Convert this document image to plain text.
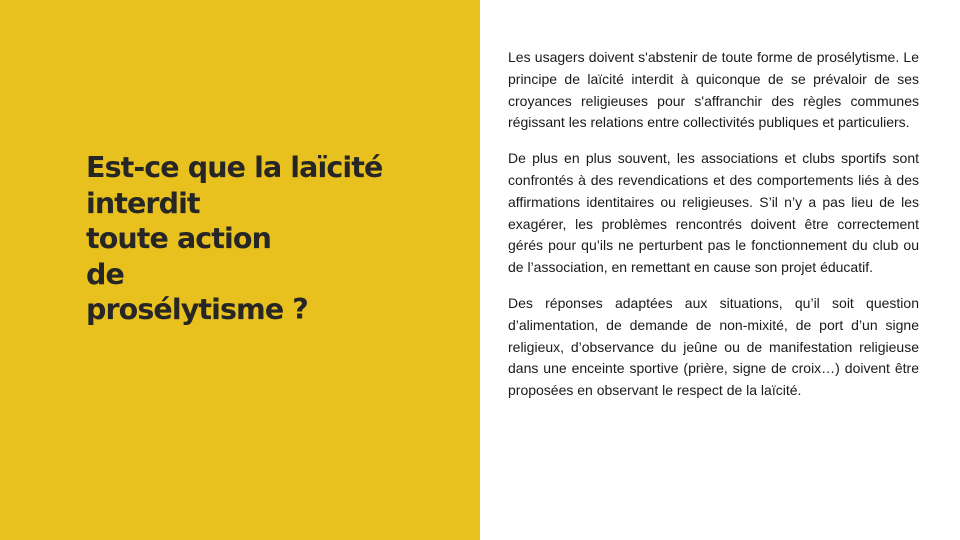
Est-ce que la laïcité
interdit
toute action
de
prosélytisme ?

Les usagers doivent s'abstenir de toute forme de prosélytisme. Le principe de laïcité interdit à quiconque de se prévaloir de ses croyances religieuses pour s'affranchir des règles communes régissant les relations entre collectivités publiques et particuliers.

De plus en plus souvent, les associations et clubs sportifs sont confrontés à des revendications et des comportements liés à des affirmations identitaires ou religieuses. S’il n’y a pas lieu de les exagérer, les problèmes rencontrés doivent être correctement gérés pour qu’ils ne perturbent pas le fonctionnement du club ou de l’association, en remettant en cause son projet éducatif.

Des réponses adaptées aux situations, qu’il soit question d’alimentation, de demande de non-mixité, de port d’un signe religieux, d’observance du jeûne ou de manifestation religieuse dans une enceinte sportive (prière, signe de croix…) doivent être proposées en observant le respect de la laïcité.
